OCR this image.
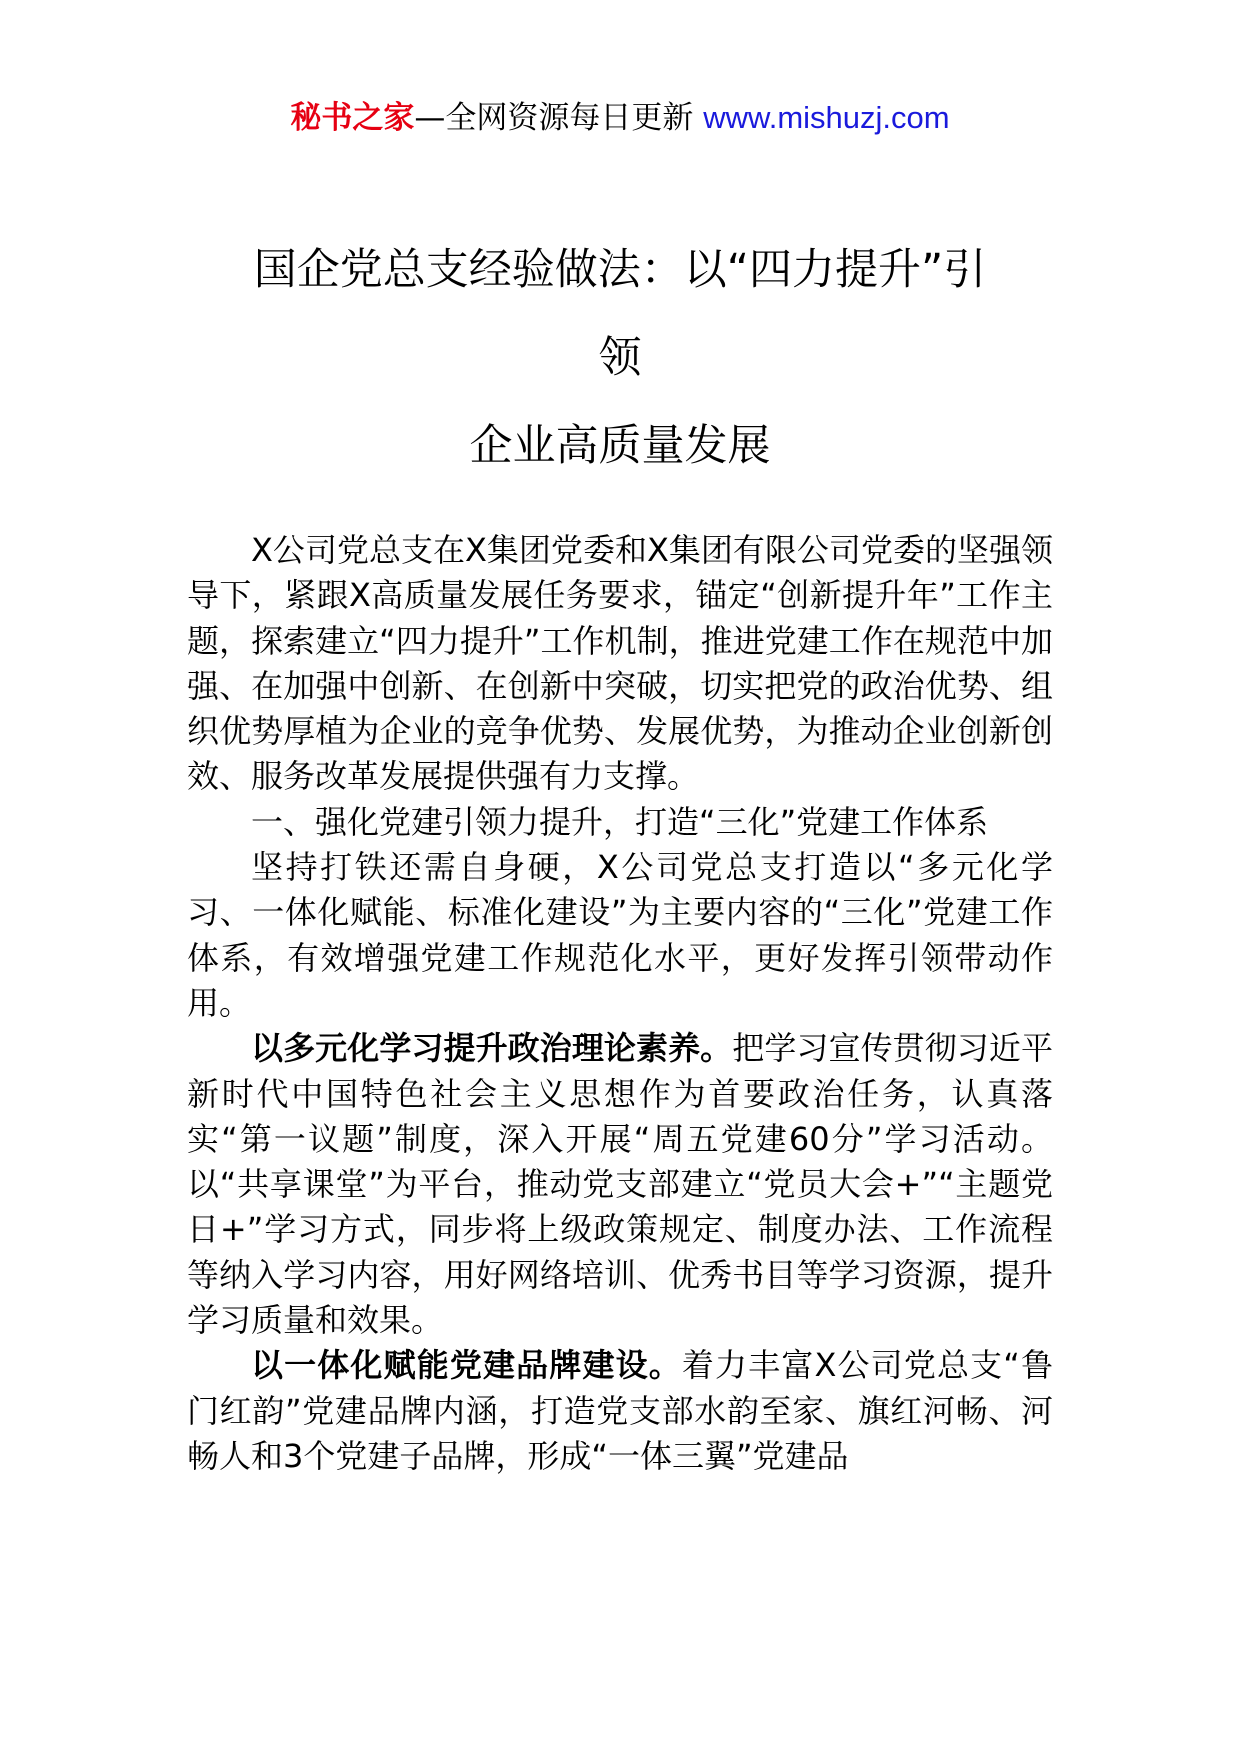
秘书之家—全网资源每日更新 www.mishuzj.com
国企党总支经验做法：以“四力提升”引
领
企业高质量发展

X公司党总支在X集团党委和X集团有限公司党委的坚强领导下，紧跟X高质量发展任务要求，锚定“创新提升年”工作主题，探索建立“四力提升”工作机制，推进党建工作在规范中加强、在加强中创新、在创新中突破，切实把党的政治优势、组织优势厚植为企业的竞争优势、发展优势，为推动企业创新创效、服务改革发展提供强有力支撑。

一、强化党建引领力提升，打造“三化”党建工作体系

坚持打铁还需自身硬，X公司党总支打造以“多元化学习、一体化赋能、标准化建设”为主要内容的“三化”党建工作体系，有效增强党建工作规范化水平，更好发挥引领带动作用。

以多元化学习提升政治理论素养。把学习宣传贯彻习近平新时代中国特色社会主义思想作为首要政治任务，认真落实“第一议题”制度，深入开展“周五党建60分”学习活动。以“共享课堂”为平台，推动党支部建立“党员大会+”“主题党日+”学习方式，同步将上级政策规定、制度办法、工作流程等纳入学习内容，用好网络培训、优秀书目等学习资源，提升学习质量和效果。

以一体化赋能党建品牌建设。着力丰富X公司党总支“鲁门红韵”党建品牌内涵，打造党支部水韵至家、旗红河畅、河畅人和3个党建子品牌，形成“一体三翼”党建品
